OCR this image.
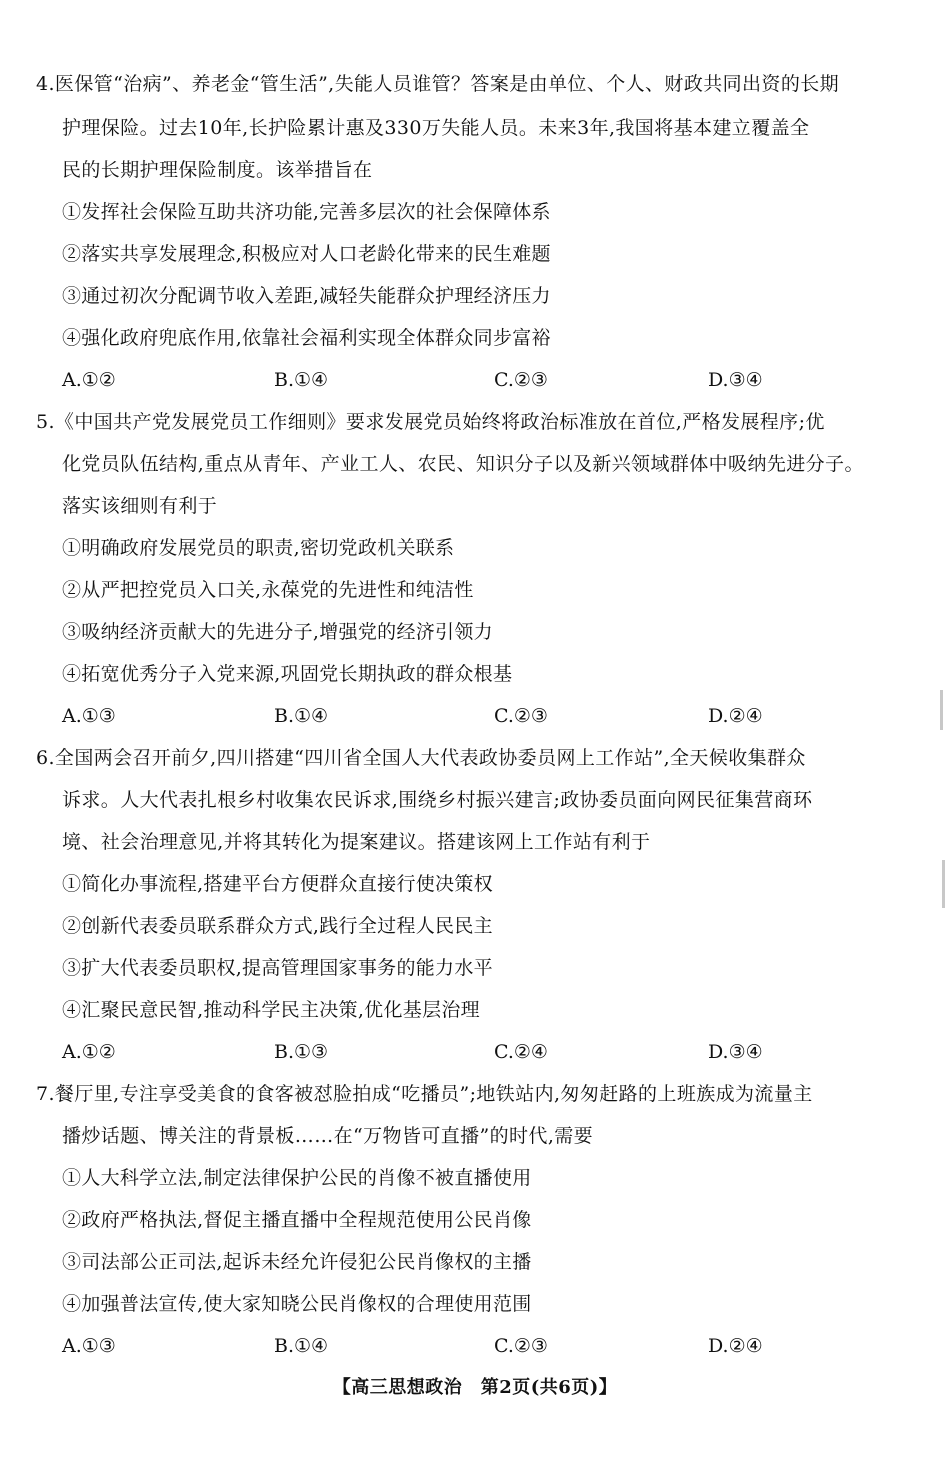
4.医保管“治病”、养老金“管生活”,失能人员谁管？答案是由单位、个人、财政共同出资的长期
护理保险。过去10年,长护险累计惠及330万失能人员。未来3年,我国将基本建立覆盖全
民的长期护理保险制度。该举措旨在
①发挥社会保险互助共济功能,完善多层次的社会保障体系
②落实共享发展理念,积极应对人口老龄化带来的民生难题
③通过初次分配调节收入差距,减轻失能群众护理经济压力
④强化政府兜底作用,依靠社会福利实现全体群众同步富裕
A.①②	B.①④	C.②③	D.③④
5.《中国共产党发展党员工作细则》要求发展党员始终将政治标准放在首位,严格发展程序;优
化党员队伍结构,重点从青年、产业工人、农民、知识分子以及新兴领域群体中吸纳先进分子。
落实该细则有利于
①明确政府发展党员的职责,密切党政机关联系
②从严把控党员入口关,永葆党的先进性和纯洁性
③吸纳经济贡献大的先进分子,增强党的经济引领力
④拓宽优秀分子入党来源,巩固党长期执政的群众根基
A.①③	B.①④	C.②③	D.②④
6.全国两会召开前夕,四川搭建“四川省全国人大代表政协委员网上工作站”,全天候收集群众
诉求。人大代表扎根乡村收集农民诉求,围绕乡村振兴建言;政协委员面向网民征集营商环
境、社会治理意见,并将其转化为提案建议。搭建该网上工作站有利于
①简化办事流程,搭建平台方便群众直接行使决策权
②创新代表委员联系群众方式,践行全过程人民民主
③扩大代表委员职权,提高管理国家事务的能力水平
④汇聚民意民智,推动科学民主决策,优化基层治理
A.①②	B.①③	C.②④	D.③④
7.餐厅里,专注享受美食的食客被怼脸拍成“吃播员”;地铁站内,匆匆赶路的上班族成为流量主
播炒话题、博关注的背景板……在“万物皆可直播”的时代,需要
①人大科学立法,制定法律保护公民的肖像不被直播使用
②政府严格执法,督促主播直播中全程规范使用公民肖像
③司法部公正司法,起诉未经允许侵犯公民肖像权的主播
④加强普法宣传,使大家知晓公民肖像权的合理使用范围
A.①③	B.①④	C.②③	D.②④
【高三思想政治　第2页(共6页)】
